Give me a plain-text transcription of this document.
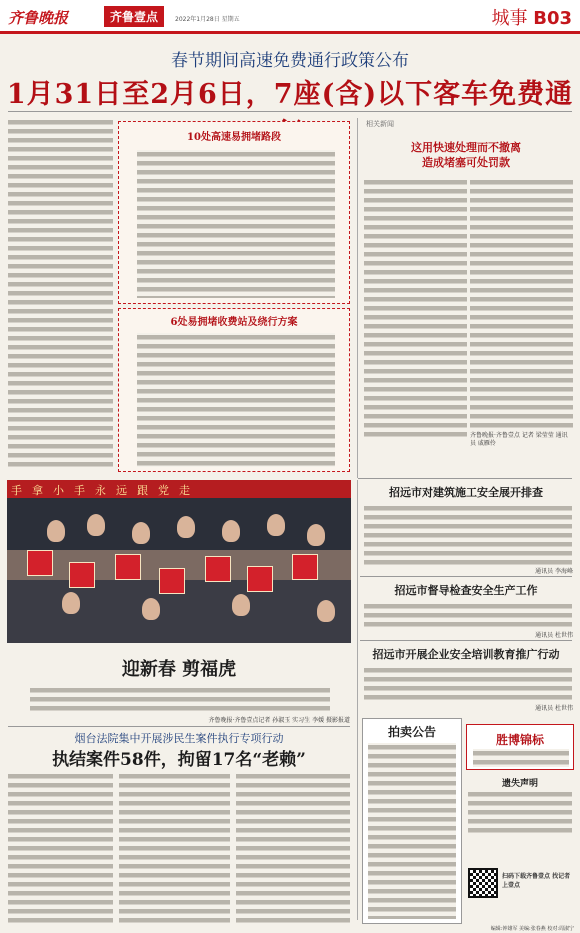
齐鲁晚报	齐鲁壹点	2022年1月28日 星期五	城事 B03
春节期间高速免费通行政策公布
1月31日至2月6日，7座(含)以下客车免费通
10处高速易拥堵路段
6处易拥堵收费站及绕行方案
相关新闻
这用快速处理而不撤离
造成堵塞可处罚款
齐鲁晚报·齐鲁壹点 记者 梁莹莹 通讯员 戚雁伶
手拿小手永远跟党走
迎新春 剪福虎
齐鲁晚报·齐鲁壹点记者 孙淑玉 实习生 李媛 摄影报道
烟台法院集中开展涉民生案件执行专项行动
执结案件58件，拘留17名“老赖”
招远市对建筑施工安全展开排查
通讯员 李海峰
招远市督导检查安全生产工作
通讯员 杜世伟
招远市开展企业安全培训教育推广行动
通讯员 杜世伟
拍卖公告
胜博锦标
遗失声明
扫码下载齐鲁壹点 找记者上壹点
编辑:钟雄军 美编:张春燕 校对:周淑宁
